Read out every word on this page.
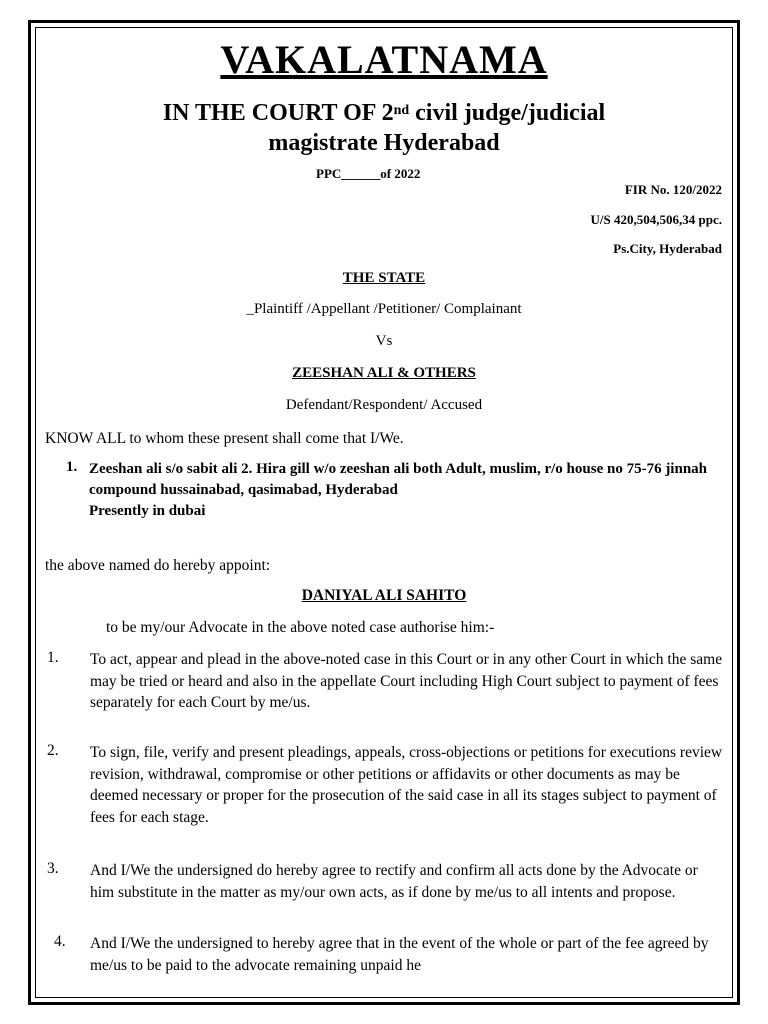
VAKALATNAMA
IN THE COURT OF 2nd civil judge/judicial
magistrate Hyderabad
PPC______of 2022
FIR No. 120/2022
U/S 420,504,506,34 ppc.
Ps.City, Hyderabad
THE STATE
_Plaintiff /Appellant /Petitioner/ Complainant
Vs
ZEESHAN ALI & OTHERS
Defendant/Respondent/ Accused
KNOW ALL to whom these present shall come that I/We.
1. Zeeshan ali s/o sabit ali 2. Hira gill w/o zeeshan ali both Adult, muslim, r/o house no 75-76 jinnah compound hussainabad, qasimabad, Hyderabad
Presently in dubai
the above named do hereby appoint:
DANIYAL ALI SAHITO
to be my/our Advocate in the above noted case authorise him:-
1. To act, appear and plead in the above-noted case in this Court or in any other Court in which the same may be tried or heard and also in the appellate Court including High Court subject to payment of fees separately for each Court by me/us.
2. To sign, file, verify and present pleadings, appeals, cross-objections or petitions for executions review revision, withdrawal, compromise or other petitions or affidavits or other documents as may be deemed necessary or proper for the prosecution of the said case in all its stages subject to payment of fees for each stage.
3. And I/We the undersigned do hereby agree to rectify and confirm all acts done by the Advocate or him substitute in the matter as my/our own acts, as if done by me/us to all intents and propose.
4. And I/We the undersigned to hereby agree that in the event of the whole or part of the fee agreed by me/us to be paid to the advocate remaining unpaid he
